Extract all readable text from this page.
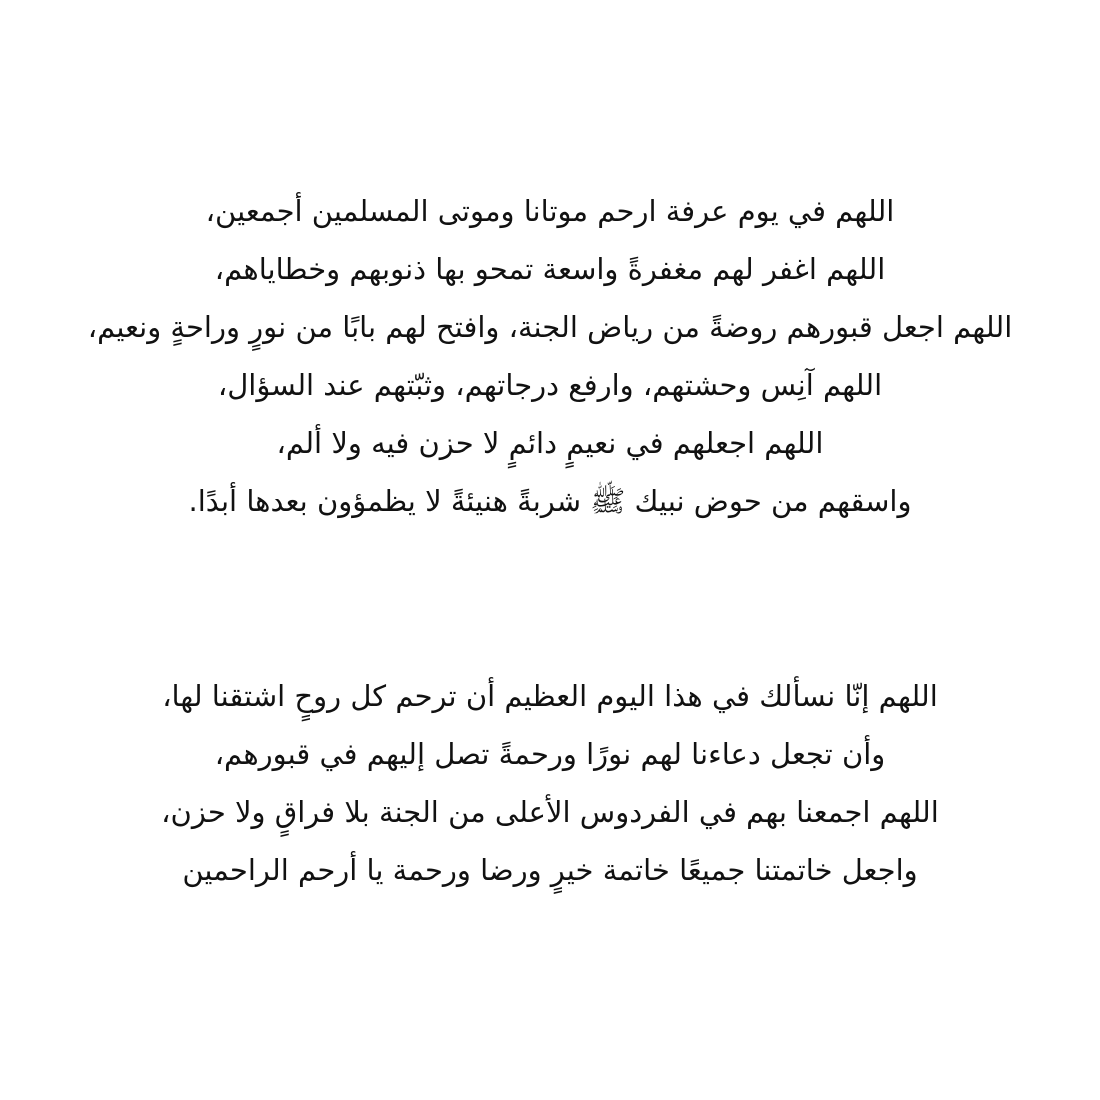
اللهم في يوم عرفة ارحم موتانا وموتى المسلمين أجمعين،
اللهم اغفر لهم مغفرةً واسعة تمحو بها ذنوبهم وخطاياهم،
اللهم اجعل قبورهم روضةً من رياض الجنة، وافتح لهم بابًا من نورٍ وراحةٍ ونعيم،
اللهم آنِس وحشتهم، وارفع درجاتهم، وثبّتهم عند السؤال،
اللهم اجعلهم في نعيمٍ دائمٍ لا حزن فيه ولا ألم،
واسقهم من حوض نبيك ﷺ شربةً هنيئةً لا يظمؤون بعدها أبدًا.
اللهم إنّا نسألك في هذا اليوم العظيم أن ترحم كل روحٍ اشتقنا لها،
وأن تجعل دعاءنا لهم نورًا ورحمةً تصل إليهم في قبورهم،
اللهم اجمعنا بهم في الفردوس الأعلى من الجنة بلا فراقٍ ولا حزن،
واجعل خاتمتنا جميعًا خاتمة خيرٍ ورضا ورحمة يا أرحم الراحمين
